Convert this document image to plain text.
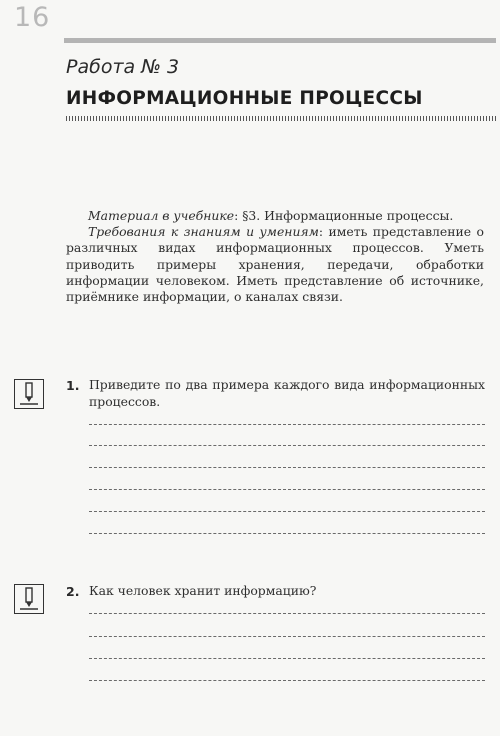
16
Работа № 3
ИНФОРМАЦИОННЫЕ ПРОЦЕССЫ

Материал в учебнике: §3. Информационные процессы.

Требования к знаниям и умениям: иметь представление о различных видах информационных процессов. Уметь приводить примеры хранения, передачи, обработки информации человеком. Иметь представление об источнике, приёмнике информации, о каналах связи.

1. Приведите по два примера каждого вида информационных процессов.
2. Как человек хранит информацию?
